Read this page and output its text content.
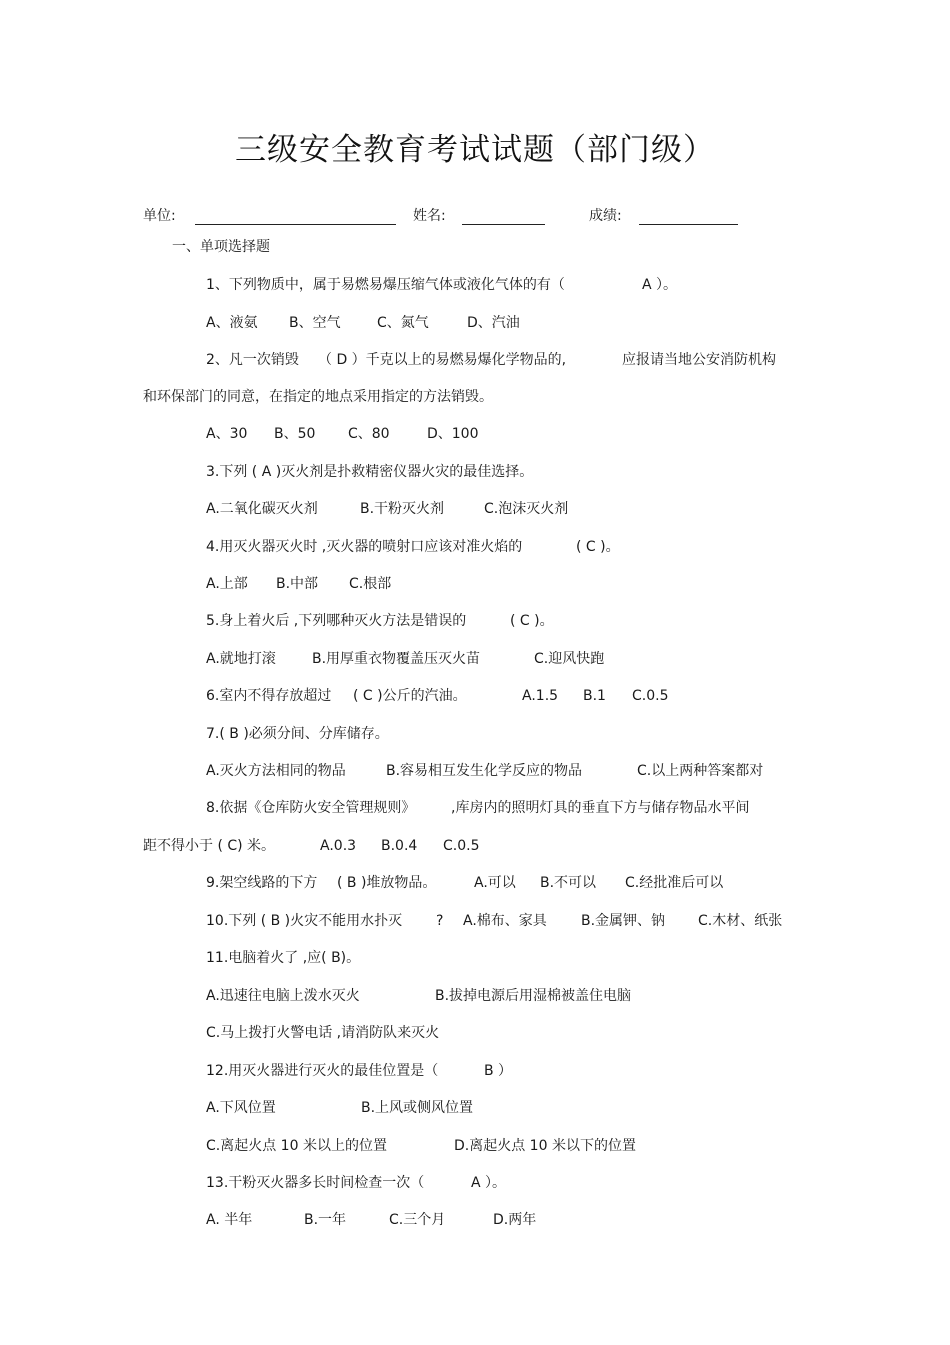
三级安全教育考试试题（部门级）
单位:	姓名:	成绩:
一、单项选择题
1、下列物质中，属于易燃易爆压缩气体或液化气体的有（	A ）。
A、液氨 B、空气	C、氮气	D、汽油
2、凡一次销毁 （ D ）千克以上的易燃易爆化学物品的,	应报请当地公安消防机构
和环保部门的同意，在指定的地点采用指定的方法销毁。
A、30 B、50 C、80	D、100
3.下列 ( A )灭火剂是扑救精密仪器火灾的最佳选择。
A.二氧化碳灭火剂	B.干粉灭火剂	C.泡沫灭火剂
4.用灭火器灭火时 ,灭火器的喷射口应该对准火焰的	( C )。
A.上部 B.中部 C.根部
5.身上着火后 ,下列哪种灭火方法是错误的	( C )。
A.就地打滚	B.用厚重衣物覆盖压灭火苗	C.迎风快跑
6.室内不得存放超过 ( C )公斤的汽油。	A.1.5 B.1 C.0.5
7.( B )必须分间、分库储存。
A.灭火方法相同的物品	B.容易相互发生化学反应的物品	C.以上两种答案都对
8.依据《仓库防火安全管理规则》	,库房内的照明灯具的垂直下方与储存物品水平间
距不得小于 ( C) 米。	A.0.3 B.0.4 C.0.5
9.架空线路的下方 ( B )堆放物品。	A.可以 B.不可以 C.经批准后可以
10.下列 ( B )火灾不能用水扑灭 ? A.棉布、家具 B.金属钾、钠 C.木材、纸张
11.电脑着火了 ,应( B)。
A.迅速往电脑上泼水灭火	B.拔掉电源后用湿棉被盖住电脑
C.马上拨打火警电话 ,请消防队来灭火
12.用灭火器进行灭火的最佳位置是（	B ）
A.下风位置	B.上风或侧风位置
C.离起火点 10 米以上的位置	D.离起火点 10 米以下的位置
13.干粉灭火器多长时间检查一次（	A ）。
A. 半年	B.一年	C.三个月	D.两年
